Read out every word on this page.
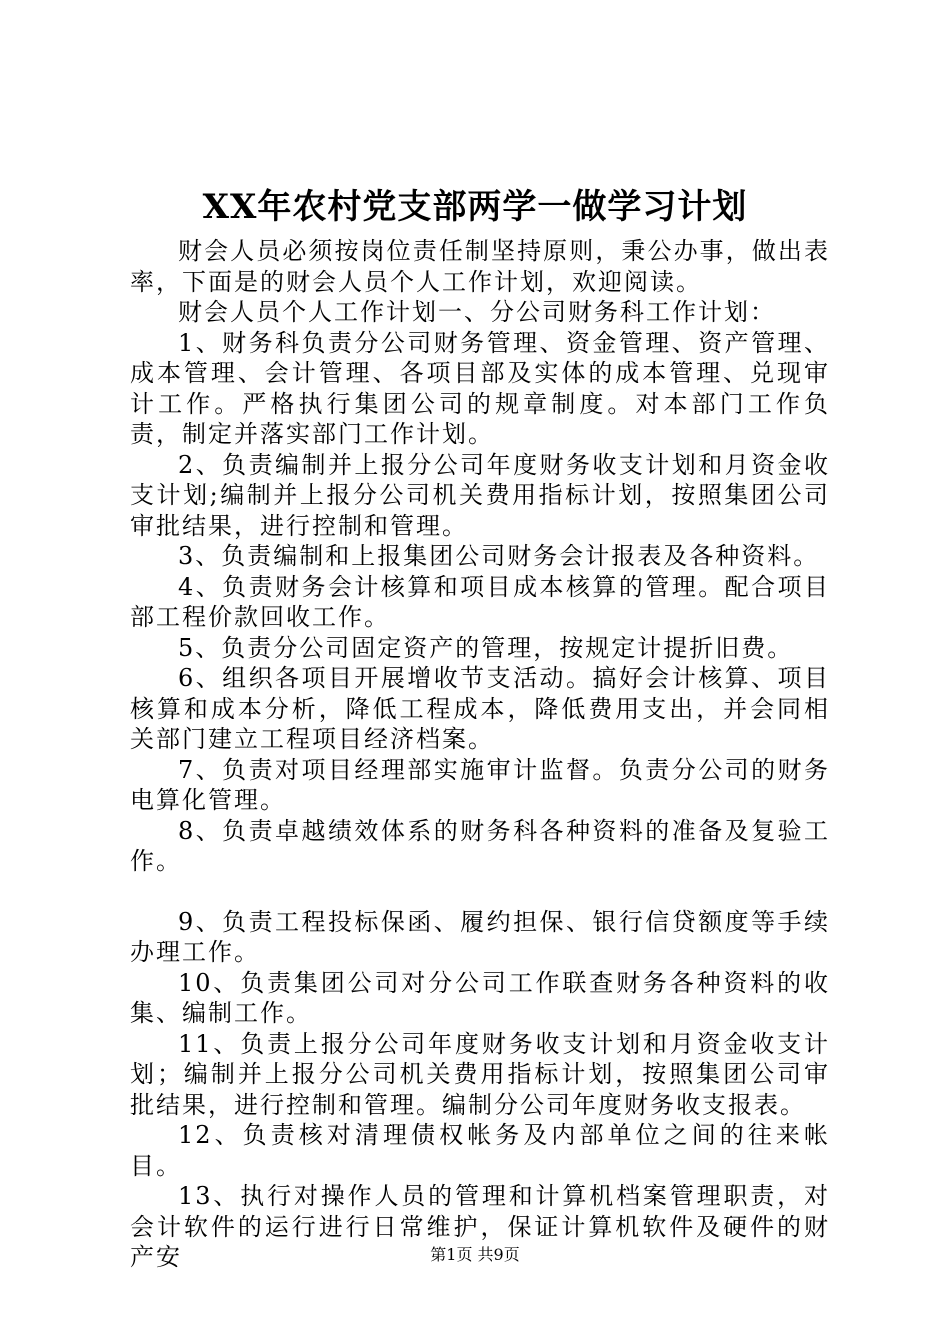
XX年农村党支部两学一做学习计划

财会人员必须按岗位责任制坚持原则，秉公办事，做出表率，下面是的财会人员个人工作计划，欢迎阅读。

财会人员个人工作计划一、分公司财务科工作计划：

1、财务科负责分公司财务管理、资金管理、资产管理、成本管理、会计管理、各项目部及实体的成本管理、兑现审计工作。严格执行集团公司的规章制度。对本部门工作负责，制定并落实部门工作计划。

2、负责编制并上报分公司年度财务收支计划和月资金收支计划;编制并上报分公司机关费用指标计划，按照集团公司审批结果，进行控制和管理。

3、负责编制和上报集团公司财务会计报表及各种资料。

4、负责财务会计核算和项目成本核算的管理。配合项目部工程价款回收工作。

5、负责分公司固定资产的管理，按规定计提折旧费。

6、组织各项目开展增收节支活动。搞好会计核算、项目核算和成本分析，降低工程成本，降低费用支出，并会同相关部门建立工程项目经济档案。

7、负责对项目经理部实施审计监督。负责分公司的财务电算化管理。

8、负责卓越绩效体系的财务科各种资料的准备及复验工作。

9、负责工程投标保函、履约担保、银行信贷额度等手续办理工作。

10、负责集团公司对分公司工作联查财务各种资料的收集、编制工作。

11、负责上报分公司年度财务收支计划和月资金收支计划；编制并上报分公司机关费用指标计划，按照集团公司审批结果，进行控制和管理。编制分公司年度财务收支报表。

12、负责核对清理债权帐务及内部单位之间的往来帐目。

13、执行对操作人员的管理和计算机档案管理职责，对会计软件的运行进行日常维护，保证计算机软件及硬件的财产安	第1页 共9页
